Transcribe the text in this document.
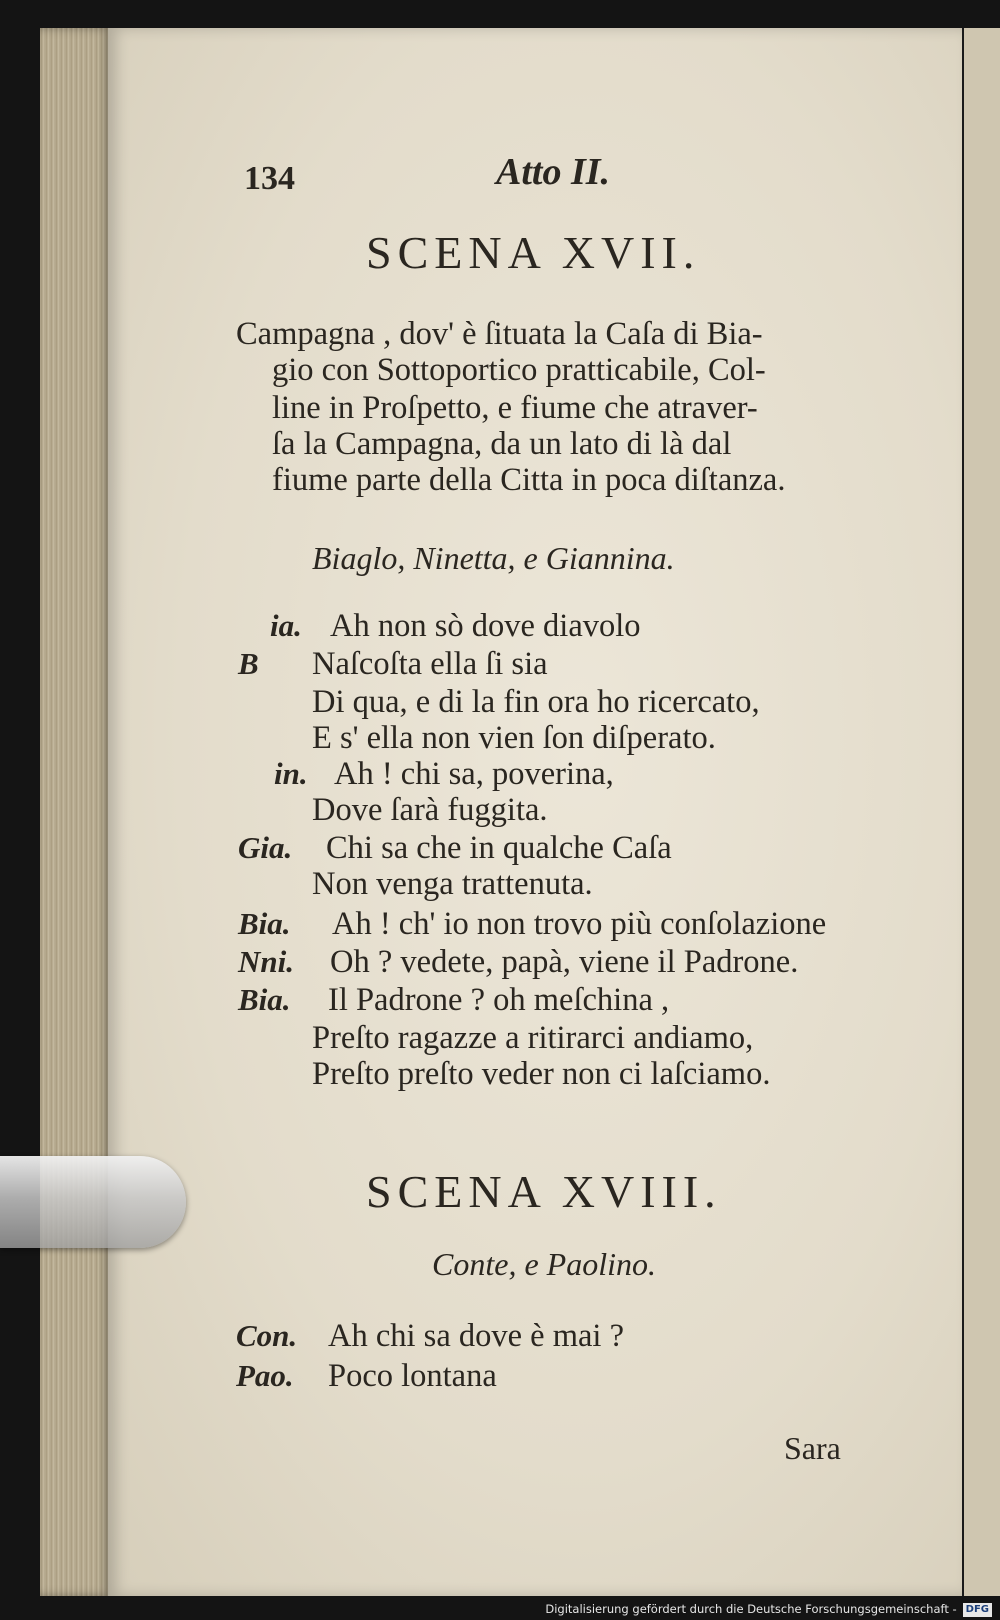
134	Atto II.
SCENA XVII.
Campagna , dov' è ſituata la Caſa di Bia-
gio con Sottoportico pratticabile, Col-
line in Proſpetto, e fiume che atraver-
ſa la Campagna, da un lato di là dal
fiume parte della Citta in poca diſtanza.
Biaglo, Ninetta, e Giannina.
ia. Ah non sò dove diavolo
B Naſcoſta ella ſi sia
Di qua, e di la fin ora ho ricercato,
E s' ella non vien ſon diſperato.
in. Ah ! chi sa, poverina,
Dove ſarà fuggita.
Gia. Chi sa che in qualche Caſa
Non venga trattenuta.
Bia. Ah ! ch' io non trovo più conſolazione
Nni. Oh ? vedete, papà, viene il Padrone.
Bia. Il Padrone ? oh meſchina ,
Preſto ragazze a ritirarci andiamo,
Preſto preſto veder non ci laſciamo.
SCENA XVIII.
Conte, e Paolino.
Con. Ah chi sa dove è mai ?
Pao. Poco lontana
Sara
Digitalisierung gefördert durch die Deutsche Forschungsgemeinschaft - DFG
